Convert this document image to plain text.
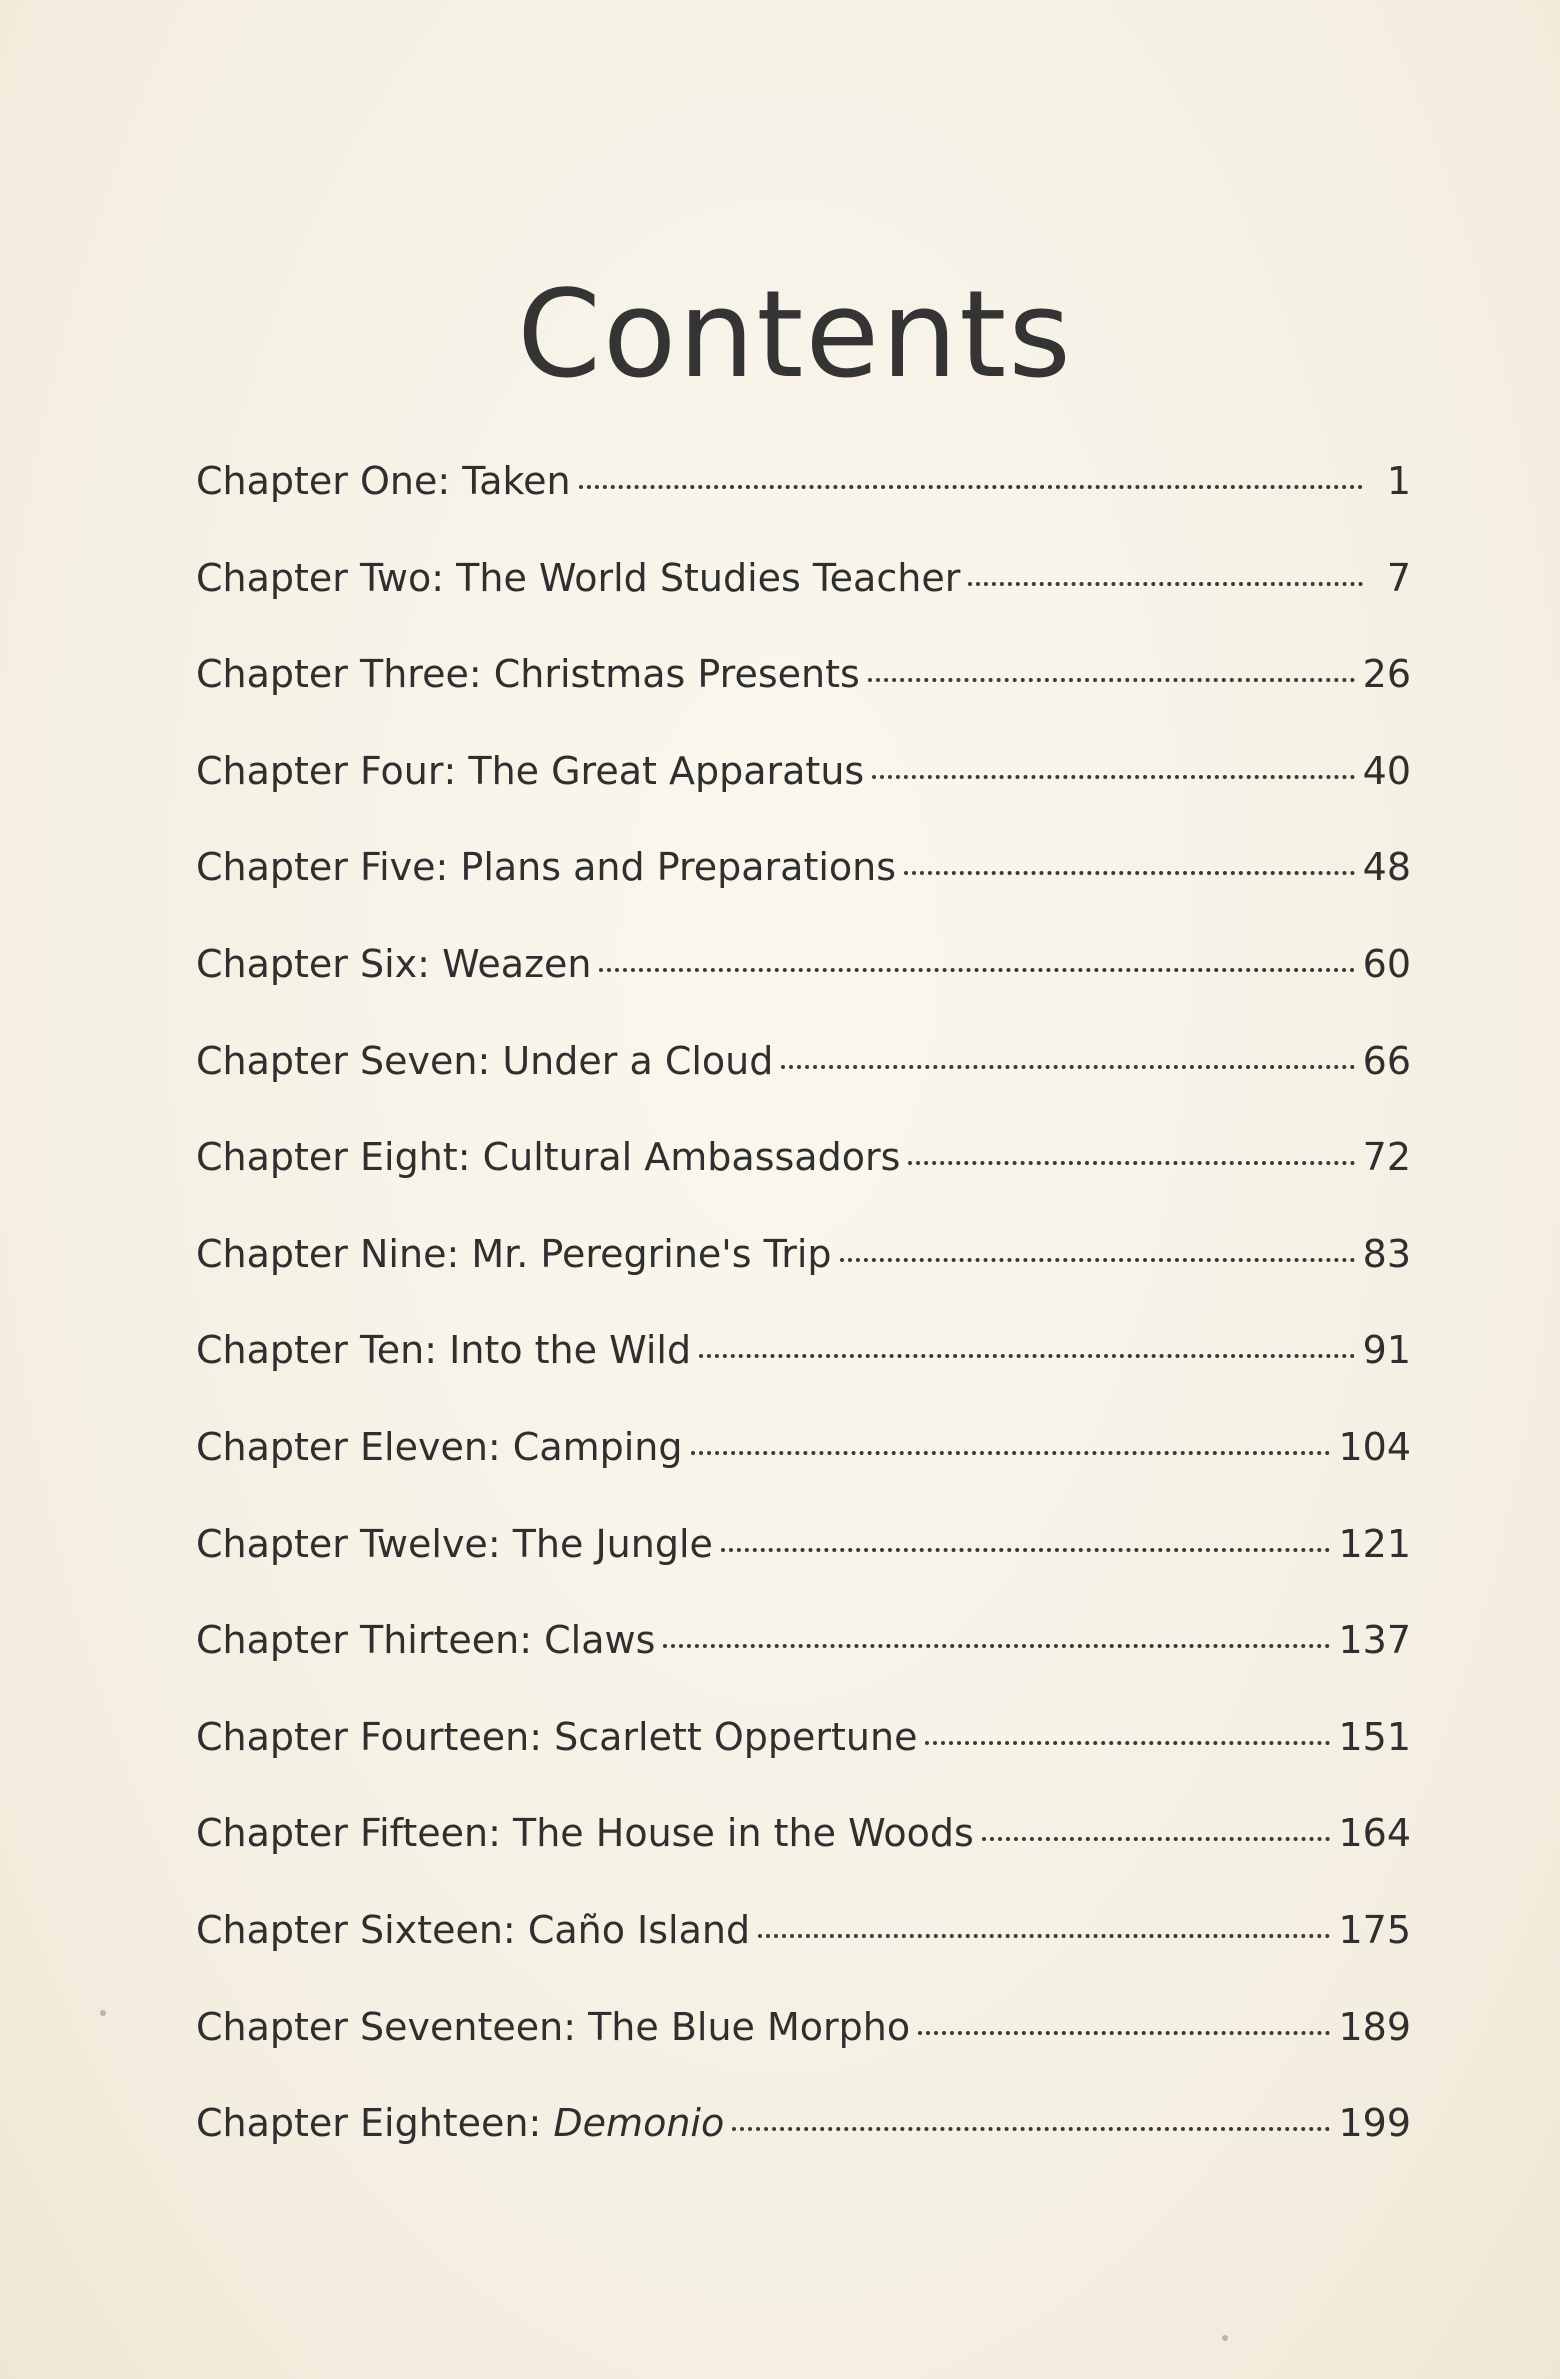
Contents
Chapter One : Taken	1
Chapter Two : The World Studies Teacher	7
Chapter Three : Christmas Presents	26
Chapter Four : The Great Apparatus	40
Chapter Five : Plans and Preparations	48
Chapter Six : Weazen	60
Chapter Seven : Under a Cloud	66
Chapter Eight : Cultural Ambassadors	72
Chapter Nine : Mr. Peregrine's Trip	83
Chapter Ten : Into the Wild	91
Chapter Eleven : Camping	104
Chapter Twelve : The Jungle	121
Chapter Thirteen : Claws	137
Chapter Fourteen : Scarlett Oppertune	151
Chapter Fifteen : The House in the Woods	164
Chapter Sixteen : Caño Island	175
Chapter Seventeen : The Blue Morpho	189
Chapter Eighteen : Demonio	199
